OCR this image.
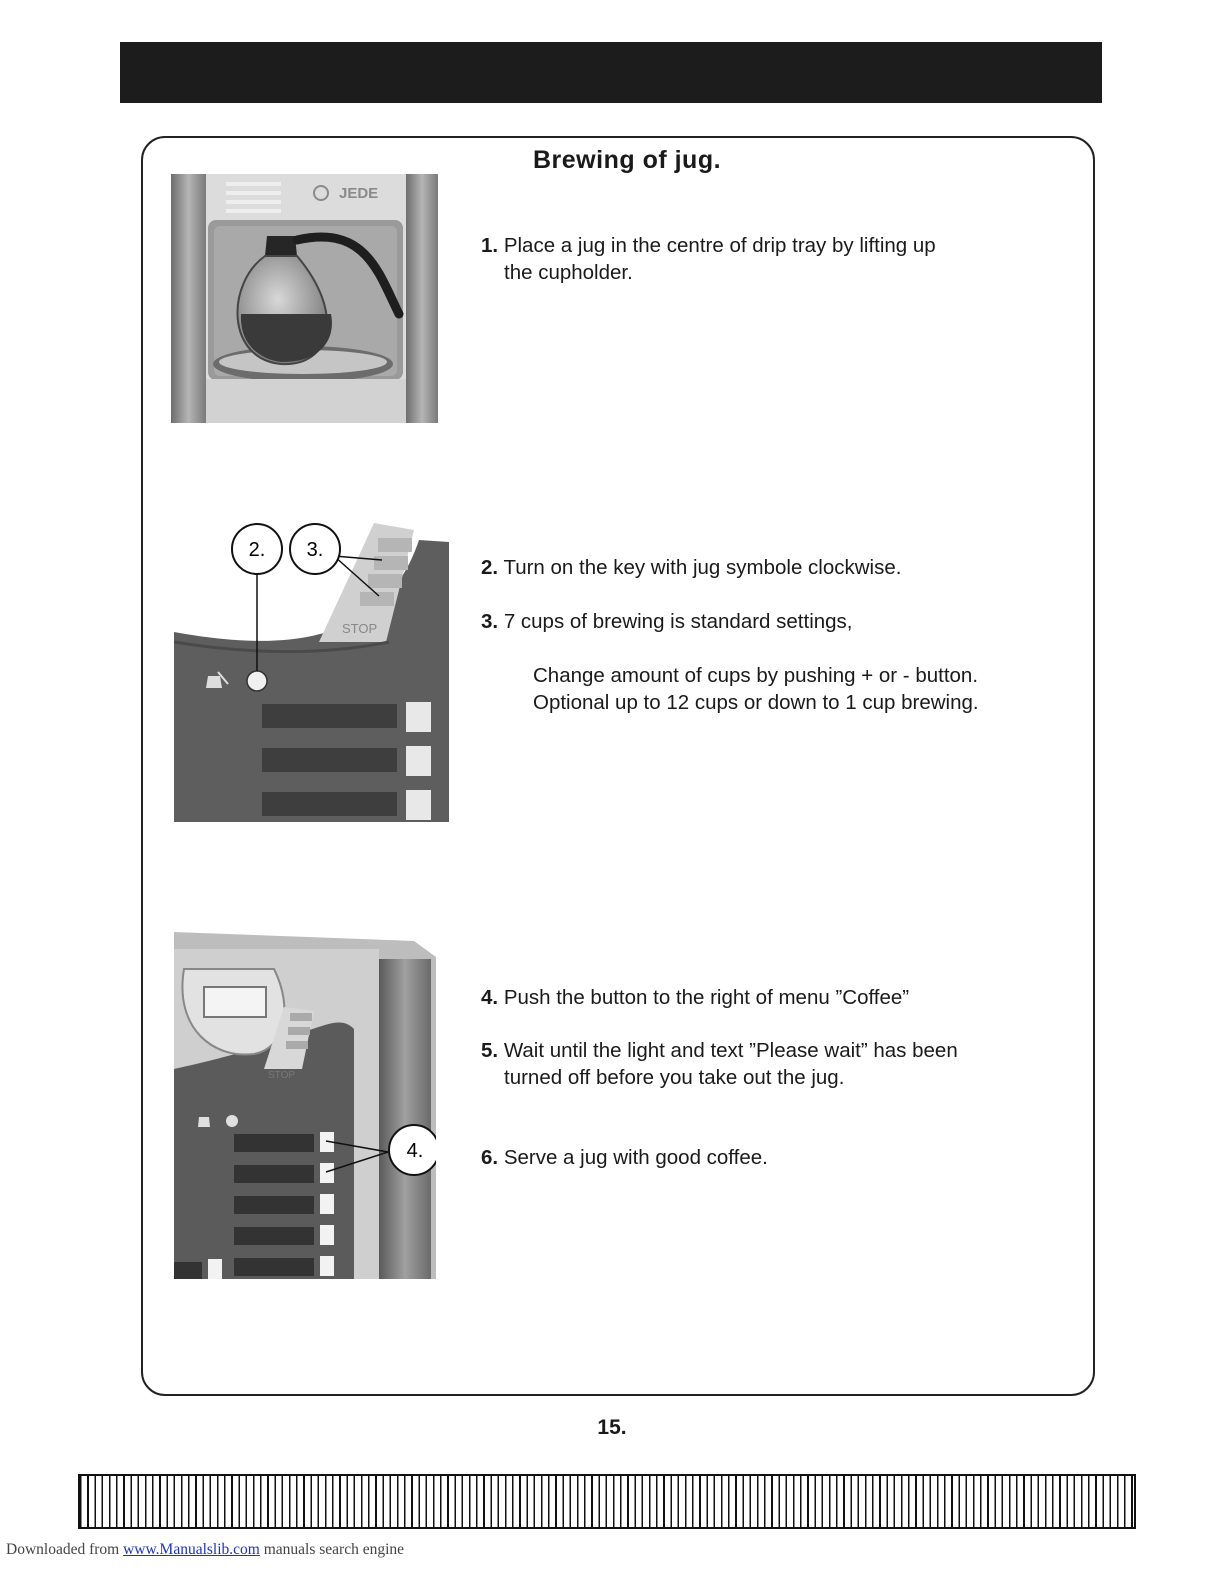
Brewing of jug.
JEDE
1. Place a jug in the centre of drip tray by lifting up
the cupholder.
STOP
2. 3.
2. Turn on the key with jug symbole clockwise.
3. 7 cups of brewing is standard settings,
Change amount of cups by pushing + or - button.
Optional up to 12 cups or down to 1 cup brewing.
STOP
4.
4. Push the button to the right of menu ”Coffee”
5. Wait until the light and text ”Please wait” has been
turned off before you take out the jug.
6. Serve a jug with good coffee.
15.
Downloaded from www.Manualslib.com manuals search engine
